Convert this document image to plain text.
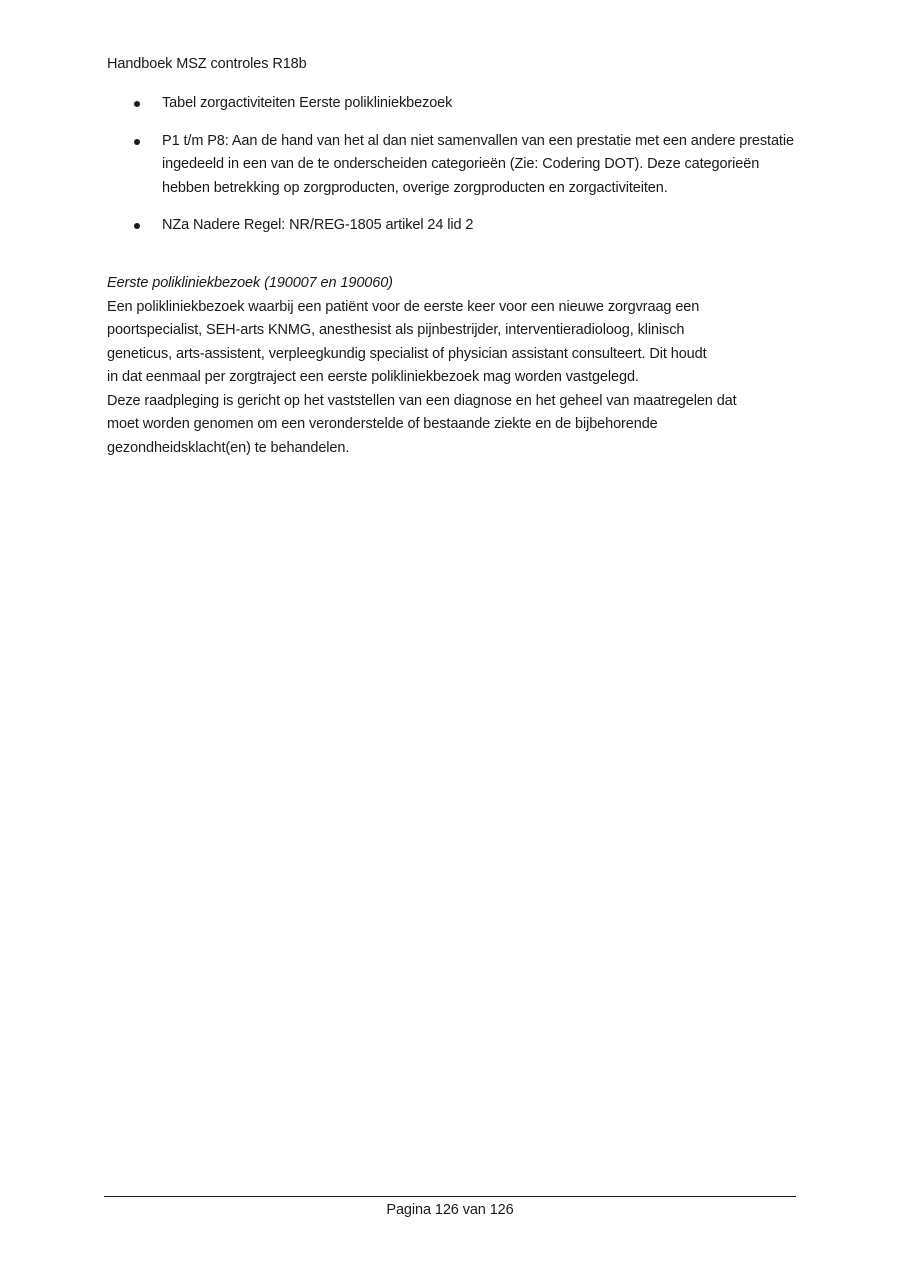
Handboek MSZ controles R18b
Tabel zorgactiviteiten Eerste polikliniekbezoek
P1 t/m P8: Aan de hand van het al dan niet samenvallen van een prestatie met een andere prestatie ingedeeld in een van de te onderscheiden categorieën (Zie: Codering DOT). Deze categorieën hebben betrekking op zorgproducten, overige zorgproducten en zorgactiviteiten.
NZa Nadere Regel: NR/REG-1805 artikel 24 lid 2
Eerste polikliniekbezoek (190007 en 190060)

Een polikliniekbezoek waarbij een patiënt voor de eerste keer voor een nieuwe zorgvraag een

poortspecialist, SEH-arts KNMG, anesthesist als pijnbestrijder, interventieradioloog, klinisch

geneticus, arts-assistent, verpleegkundig specialist of physician assistant consulteert. Dit houdt

in dat eenmaal per zorgtraject een eerste polikliniekbezoek mag worden vastgelegd.

Deze raadpleging is gericht op het vaststellen van een diagnose en het geheel van maatregelen dat

moet worden genomen om een veronderstelde of bestaande ziekte en de bijbehorende

gezondheidsklacht(en) te behandelen.

Pagina 126 van 126
